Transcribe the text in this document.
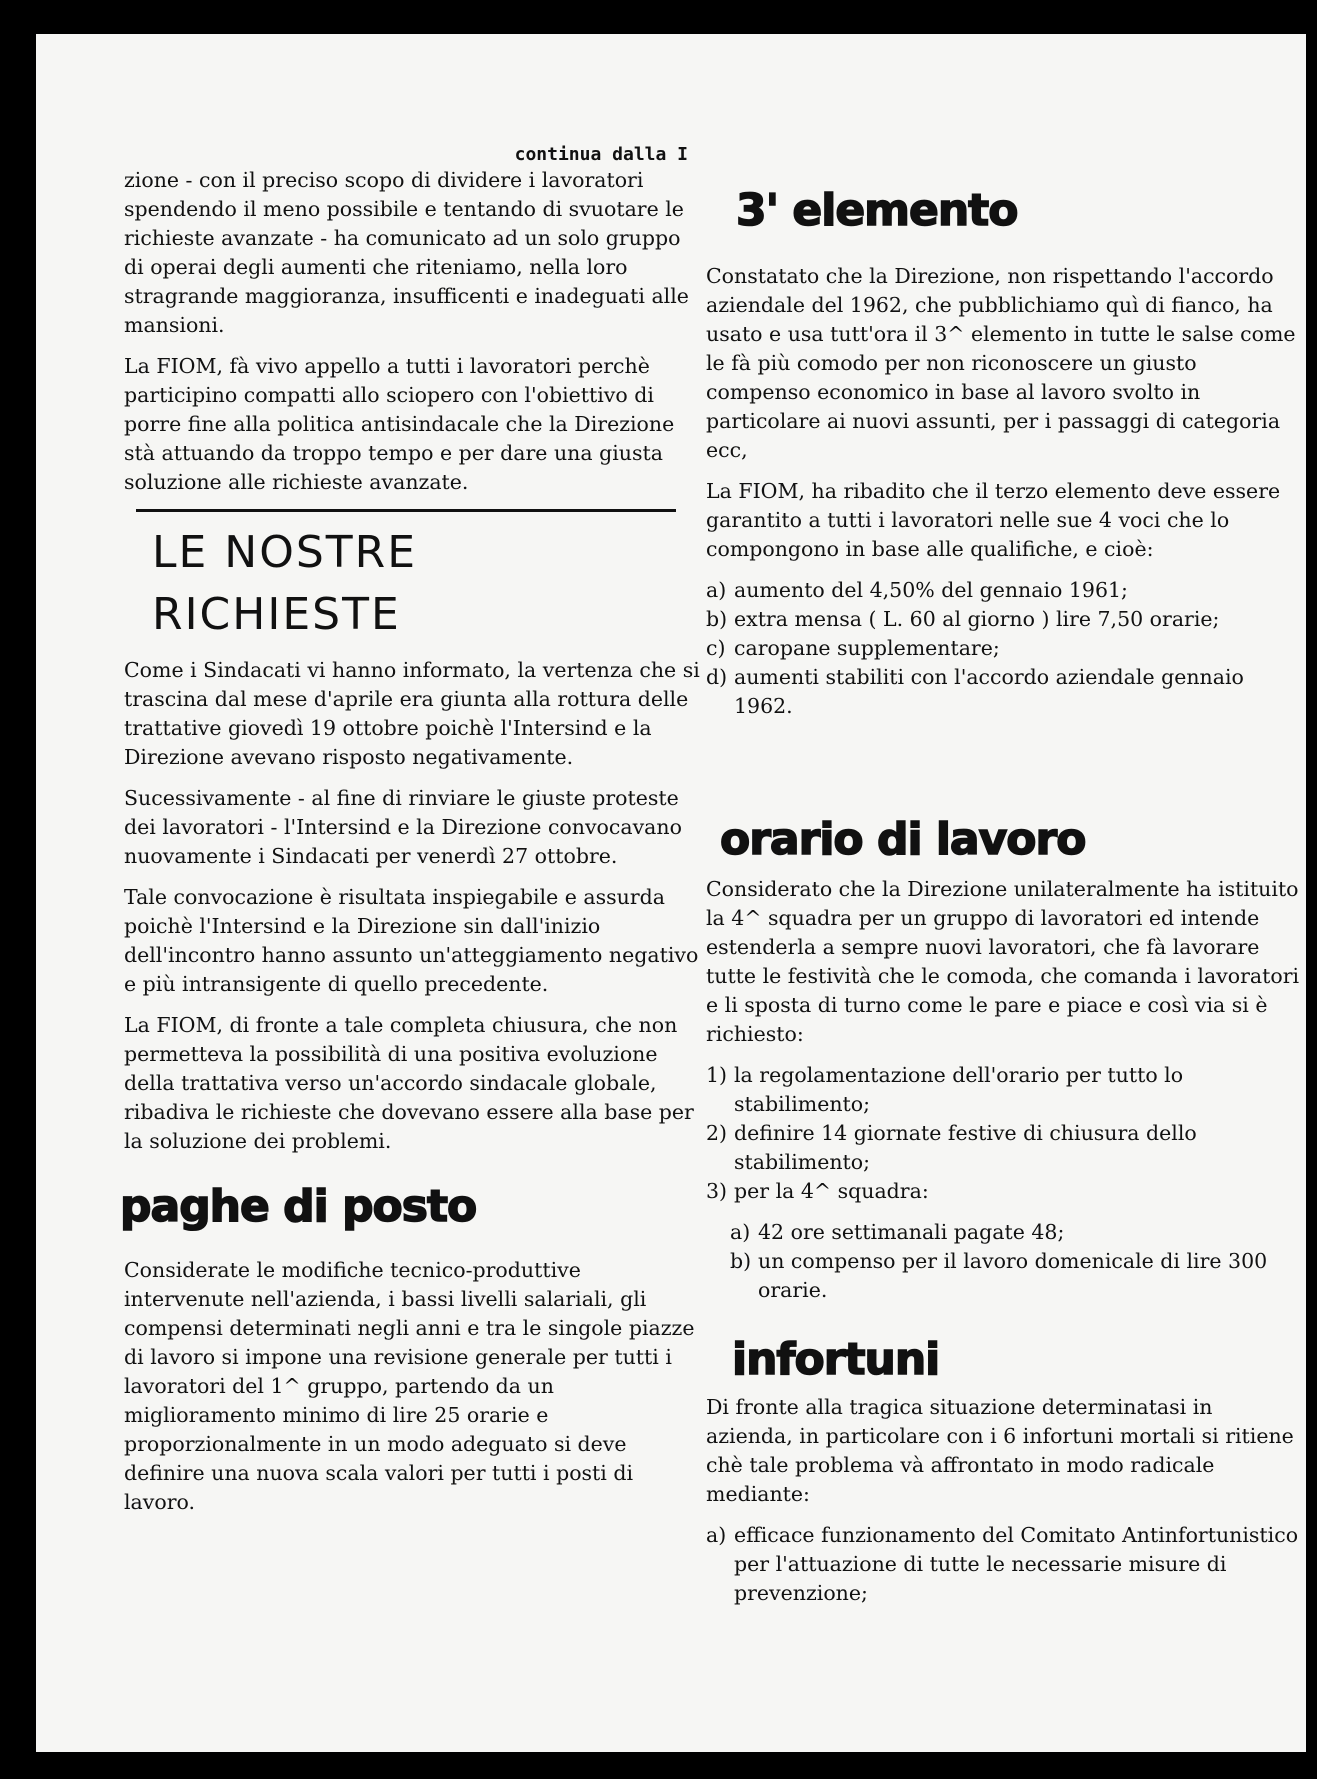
continua dalla I

zione - con il preciso scopo di dividere i lavoratori spendendo il meno possibile e tentando di svuotare le richieste avanzate - ha comunicato ad un solo gruppo di operai degli aumenti che riteniamo, nella loro stragrande maggioranza, insufficenti e inadeguati alle mansioni.

La FIOM, fà vivo appello a tutti i lavoratori perchè participino compatti allo sciopero con l'obiettivo di porre fine alla politica antisindacale che la Direzione stà attuando da troppo tempo e per dare una giusta soluzione alle richieste avanzate.

LE NOSTRE
RICHIESTE

Come i Sindacati vi hanno informato, la vertenza che si trascina dal mese d'aprile era giunta alla rottura delle trattative giovedì 19 ottobre poichè l'Intersind e la Direzione avevano risposto negativamente.

Sucessivamente - al fine di rinviare le giuste proteste dei lavoratori - l'Intersind e la Direzione convocavano nuovamente i Sindacati per venerdì 27 ottobre.

Tale convocazione è risultata inspiegabile e assurda poichè l'Intersind e la Direzione sin dall'inizio dell'incontro hanno assunto un'atteggiamento negativo e più intransigente di quello precedente.

La FIOM, di fronte a tale completa chiusura, che non permetteva la possibilità di una positiva evoluzione della trattativa verso un'accordo sindacale globale, ribadiva le richieste che dovevano essere alla base per la soluzione dei problemi.

paghe di posto

Considerate le modifiche tecnico-produttive intervenute nell'azienda, i bassi livelli salariali, gli compensi determinati negli anni e tra le singole piazze di lavoro si impone una revisione generale per tutti i lavoratori del 1^ gruppo, partendo da un miglioramento minimo di lire 25 orarie e proporzionalmente in un modo adeguato si deve definire una nuova scala valori per tutti i posti di lavoro.

3' elemento

Constatato che la Direzione, non rispettando l'accordo aziendale del 1962, che pubblichiamo quì di fianco, ha usato e usa tutt'ora il 3^ elemento in tutte le salse come le fà più comodo per non riconoscere un giusto compenso economico in base al lavoro svolto in particolare ai nuovi assunti, per i passaggi di categoria ecc,

La FIOM, ha ribadito che il terzo elemento deve essere garantito a tutti i lavoratori nelle sue 4 voci che lo compongono in base alle qualifiche, e cioè:

a) aumento del 4,50% del gennaio 1961;
b) extra mensa ( L. 60 al giorno ) lire 7,50 orarie;
c) caropane supplementare;
d) aumenti stabiliti con l'accordo aziendale gennaio 1962.
orario di lavoro

Considerato che la Direzione unilateralmente ha istituito la 4^ squadra per un gruppo di lavoratori ed intende estenderla a sempre nuovi lavoratori, che fà lavorare tutte le festività che le comoda, che comanda i lavoratori e li sposta di turno come le pare e piace e così via si è richiesto:

1) la regolamentazione dell'orario per tutto lo stabilimento;
2) definire 14 giornate festive di chiusura dello stabilimento;
3) per la 4^ squadra:
a) 42 ore settimanali pagate 48;
b) un compenso per il lavoro domenicale di lire 300 orarie.
infortuni

Di fronte alla tragica situazione determinatasi in azienda, in particolare con i 6 infortuni mortali si ritiene chè tale problema và affrontato in modo radicale mediante:

a) efficace funzionamento del Comitato Antinfortunistico per l'attuazione di tutte le necessarie misure di prevenzione;
